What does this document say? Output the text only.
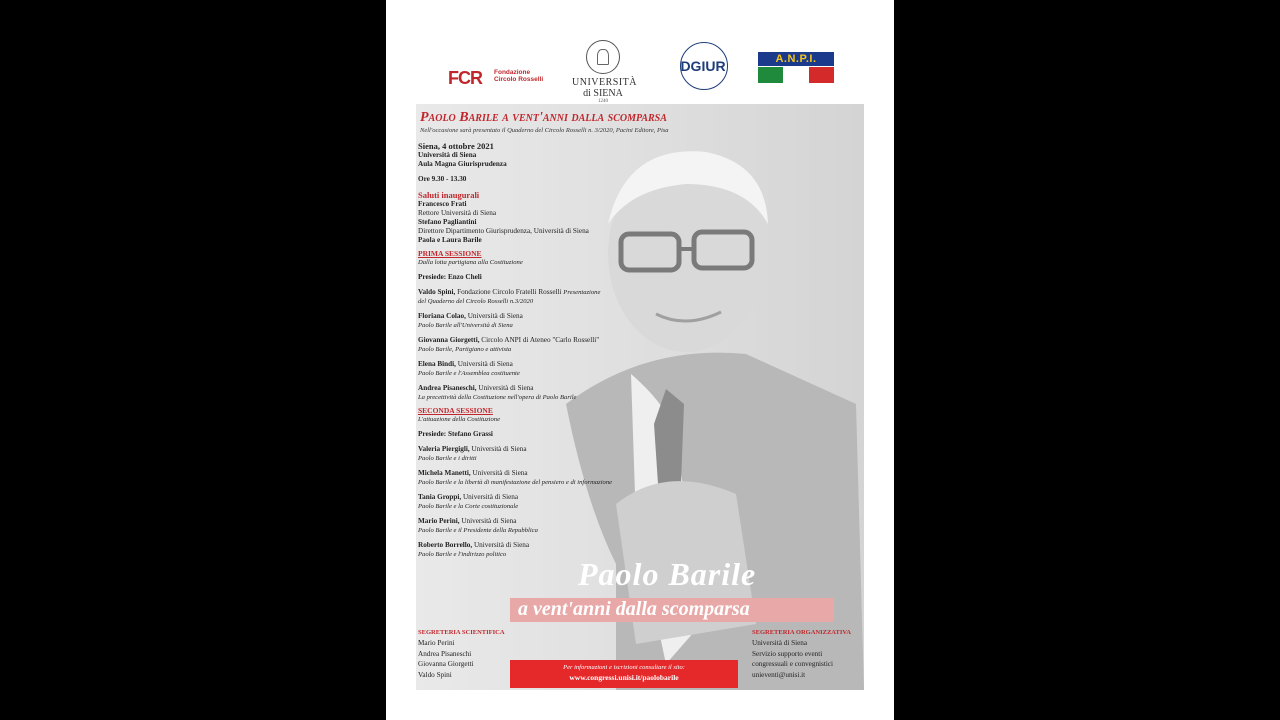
FCR Fondazione Circolo Rosselli	UNIVERSITÀ
di SIENA
1240
DGIUR	A.N.P.I.
Paolo Barile a vent'anni dalla scomparsa
Nell'occasione sarà presentato il Quaderno del Circolo Rosselli n. 3/2020, Pacini Editore, Pisa
Siena, 4 ottobre 2021
Università di Siena
Aula Magna Giurisprudenza
Ore 9.30 - 13.30
Saluti inaugurali
Francesco Frati
Rettore Università di Siena
Stefano Pagliantini
Direttore Dipartimento Giurisprudenza, Università di Siena
Paola e Laura Barile
PRIMA SESSIONE
Dalla lotta partigiana alla Costituzione
Presiede: Enzo Cheli
Valdo Spini, Fondazione Circolo Fratelli Rosselli Presentazione
del Quaderno del Circolo Rosselli n.3/2020
Floriana Colao, Università di Siena
Paolo Barile all'Università di Siena
Giovanna Giorgetti, Circolo ANPI di Ateneo "Carlo Rosselli"
Paolo Barile, Partigiano e attivista
Elena Bindi, Università di Siena
Paolo Barile e l'Assemblea costituente
Andrea Pisaneschi, Università di Siena
La precettività della Costituzione nell'opera di Paolo Barile
SECONDA SESSIONE
L'attuazione della Costituzione
Presiede: Stefano Grassi
Valeria Piergigli, Università di Siena
Paolo Barile e i diritti
Michela Manetti, Università di Siena
Paolo Barile e la libertà di manifestazione del pensiero e di informazione
Tania Groppi, Università di Siena
Paolo Barile e la Corte costituzionale
Mario Perini, Università di Siena
Paolo Barile e il Presidente della Repubblica
Roberto Borrello, Università di Siena
Paolo Barile e l'indirizzo politico
Paolo Barile
a vent'anni dalla scomparsa
SEGRETERIA SCIENTIFICA
Mario Perini
Andrea Pisaneschi
Giovanna Giorgetti
Valdo Spini
Per informazioni e iscrizioni consultare il sito:
www.congressi.unisi.it/paolobarile
SEGRETERIA ORGANIZZATIVA
Università di Siena
Servizio supporto eventi
congressuali e convegnistici
unieventi@unisi.it
